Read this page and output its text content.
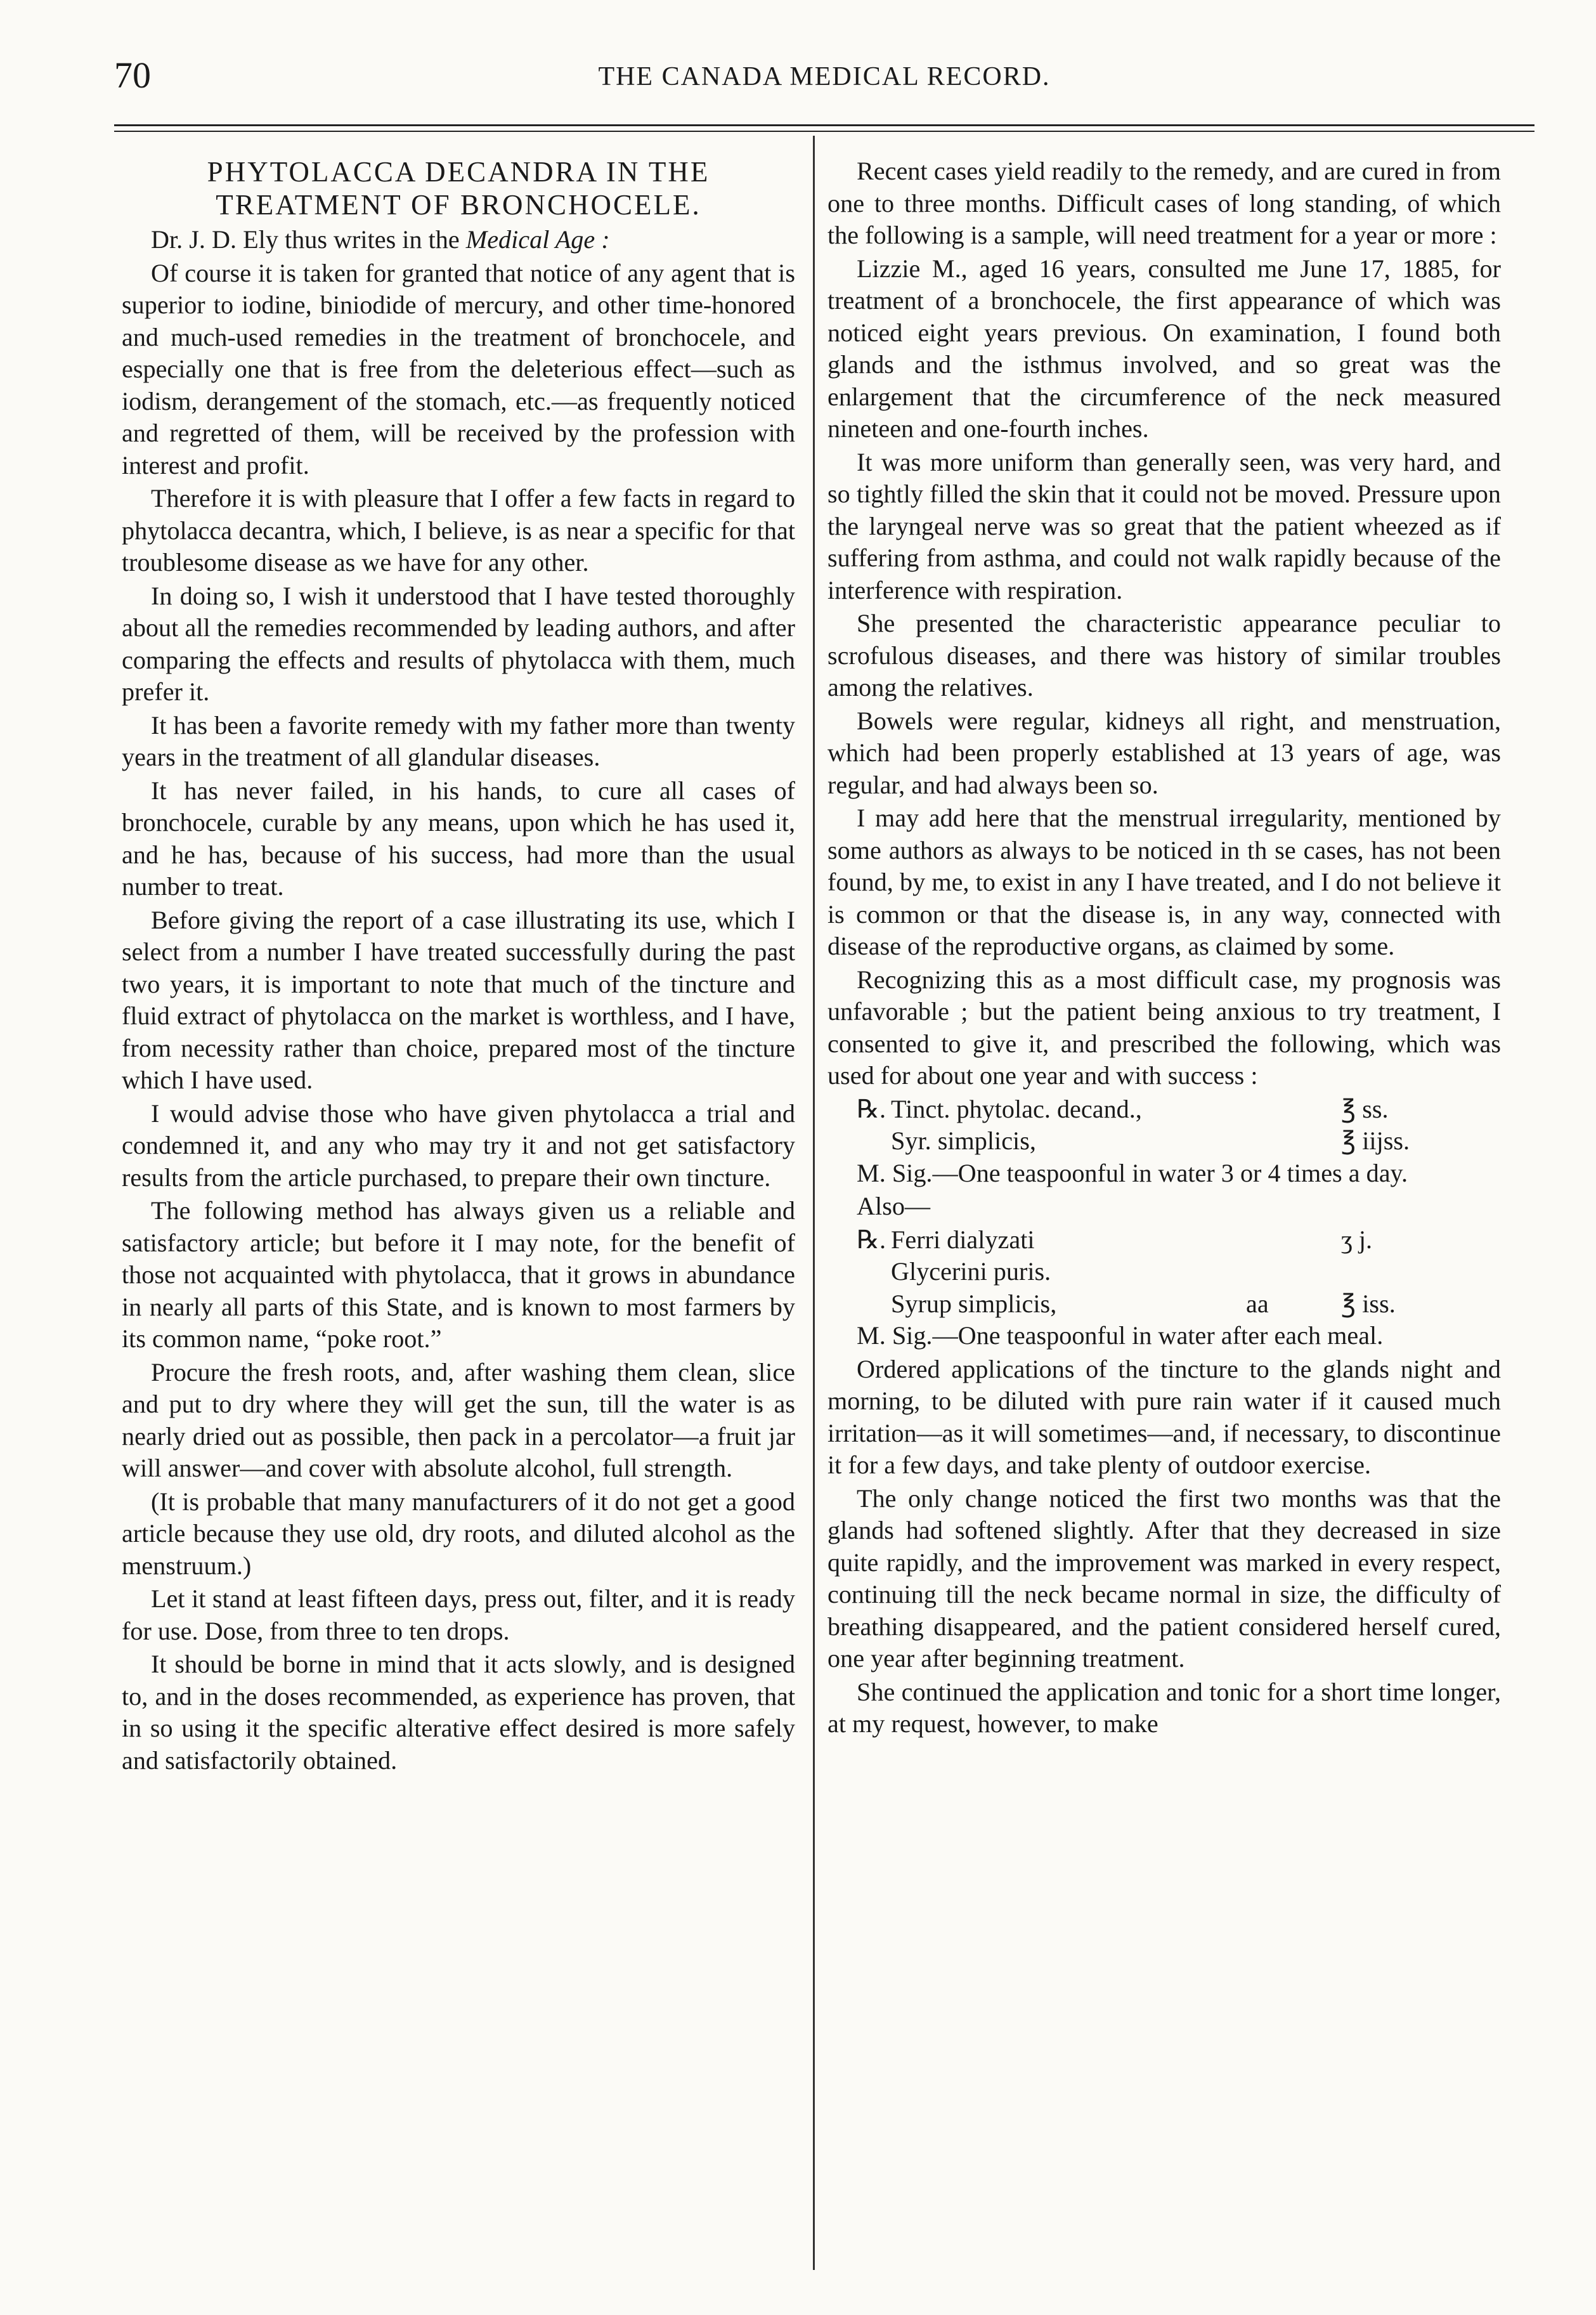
70	THE CANADA MEDICAL RECORD.
PHYTOLACCA DECANDRA IN THE
TREATMENT OF BRONCHOCELE.

Dr. J. D. Ely thus writes in the Medical Age :

Of course it is taken for granted that notice of any agent that is superior to iodine, biniodide of mercury, and other time-honored and much-used remedies in the treatment of bronchocele, and especially one that is free from the deleterious effect—such as iodism, derangement of the stomach, etc.—as frequently noticed and regretted of them, will be received by the profession with interest and profit.

Therefore it is with pleasure that I offer a few facts in regard to phytolacca decantra, which, I believe, is as near a specific for that troublesome disease as we have for any other.

In doing so, I wish it understood that I have tested thoroughly about all the remedies recommended by leading authors, and after comparing the effects and results of phytolacca with them, much prefer it.

It has been a favorite remedy with my father more than twenty years in the treatment of all glandular diseases.

It has never failed, in his hands, to cure all cases of bronchocele, curable by any means, upon which he has used it, and he has, because of his success, had more than the usual number to treat.

Before giving the report of a case illustrating its use, which I select from a number I have treated successfully during the past two years, it is important to note that much of the tincture and fluid extract of phytolacca on the market is worthless, and I have, from necessity rather than choice, prepared most of the tincture which I have used.

I would advise those who have given phytolacca a trial and condemned it, and any who may try it and not get satisfactory results from the article purchased, to prepare their own tincture.

The following method has always given us a reliable and satisfactory article; but before it I may note, for the benefit of those not acquainted with phytolacca, that it grows in abundance in nearly all parts of this State, and is known to most farmers by its common name, “poke root.”

Procure the fresh roots, and, after washing them clean, slice and put to dry where they will get the sun, till the water is as nearly dried out as possible, then pack in a percolator—a fruit jar will answer—and cover with absolute alcohol, full strength.

(It is probable that many manufacturers of it do not get a good article because they use old, dry roots, and diluted alcohol as the menstruum.)

Let it stand at least fifteen days, press out, filter, and it is ready for use. Dose, from three to ten drops.

It should be borne in mind that it acts slowly, and is designed to, and in the doses recommended, as experience has proven, that in so using it the specific alterative effect desired is more safely and satisfactorily obtained.

Recent cases yield readily to the remedy, and are cured in from one to three months. Difficult cases of long standing, of which the following is a sample, will need treatment for a year or more :

Lizzie M., aged 16 years, consulted me June 17, 1885, for treatment of a bronchocele, the first appearance of which was noticed eight years previous. On examination, I found both glands and the isthmus involved, and so great was the enlargement that the circumference of the neck measured nineteen and one-fourth inches.

It was more uniform than generally seen, was very hard, and so tightly filled the skin that it could not be moved. Pressure upon the laryngeal nerve was so great that the patient wheezed as if suffering from asthma, and could not walk rapidly because of the interference with respiration.

She presented the characteristic appearance peculiar to scrofulous diseases, and there was history of similar troubles among the relatives.

Bowels were regular, kidneys all right, and menstruation, which had been properly established at 13 years of age, was regular, and had always been so.

I may add here that the menstrual irregularity, mentioned by some authors as always to be noticed in th se cases, has not been found, by me, to exist in any I have treated, and I do not believe it is common or that the disease is, in any way, connected with disease of the reproductive organs, as claimed by some.

Recognizing this as a most difficult case, my prognosis was unfavorable ; but the patient being anxious to try treatment, I consented to give it, and prescribed the following, which was used for about one year and with success :

℞. Tinct. phytolac. decand.,	℥ ss.
Syr. simplicis,	℥ iijss.

M. Sig.—One teaspoonful in water 3 or 4 times a day.

Also—

℞. Ferri dialyzati	ʒ j.
Glycerini puris.
Syrup simplicis,	aa	℥ iss.

M. Sig.—One teaspoonful in water after each meal.

Ordered applications of the tincture to the glands night and morning, to be diluted with pure rain water if it caused much irritation—as it will sometimes—and, if necessary, to discontinue it for a few days, and take plenty of outdoor exercise.

The only change noticed the first two months was that the glands had softened slightly. After that they decreased in size quite rapidly, and the improvement was marked in every respect, continuing till the neck became normal in size, the difficulty of breathing disappeared, and the patient considered herself cured, one year after beginning treatment.

She continued the application and tonic for a short time longer, at my request, however, to make
